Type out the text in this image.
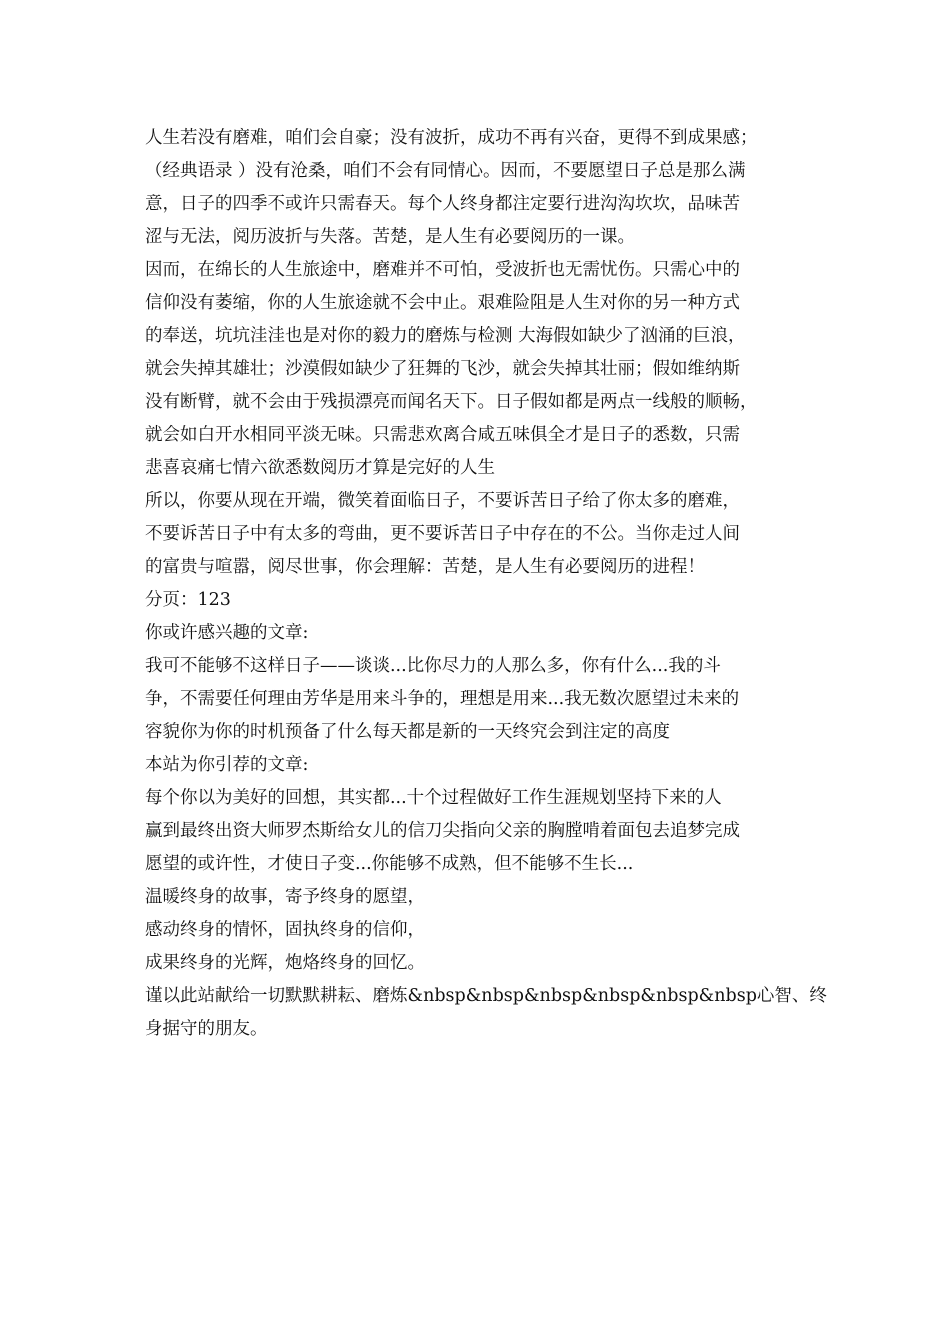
人生若没有磨难，咱们会自豪；没有波折，成功不再有兴奋，更得不到成果感；
（经典语录 ）没有沧桑，咱们不会有同情心。因而，不要愿望日子总是那么满
意，日子的四季不或许只需春天。每个人终身都注定要行进沟沟坎坎，品味苦
涩与无法，阅历波折与失落。苦楚，是人生有必要阅历的一课。
因而，在绵长的人生旅途中，磨难并不可怕，受波折也无需忧伤。只需心中的
信仰没有萎缩，你的人生旅途就不会中止。艰难险阻是人生对你的另一种方式
的奉送，坑坑洼洼也是对你的毅力的磨炼与检测 大海假如缺少了汹涌的巨浪，
就会失掉其雄壮；沙漠假如缺少了狂舞的飞沙，就会失掉其壮丽；假如维纳斯
没有断臂，就不会由于残损漂亮而闻名天下。日子假如都是两点一线般的顺畅，
就会如白开水相同平淡无味。只需悲欢离合咸五味俱全才是日子的悉数，只需
悲喜哀痛七情六欲悉数阅历才算是完好的人生
所以，你要从现在开端，微笑着面临日子，不要诉苦日子给了你太多的磨难，
不要诉苦日子中有太多的弯曲，更不要诉苦日子中存在的不公。当你走过人间
的富贵与喧嚣，阅尽世事，你会理解：苦楚，是人生有必要阅历的进程！
分页：123
你或许感兴趣的文章:
我可不能够不这样日子——谈谈...比你尽力的人那么多，你有什么...我的斗
争，不需要任何理由芳华是用来斗争的，理想是用来...我无数次愿望过未来的
容貌你为你的时机预备了什么每天都是新的一天终究会到注定的高度
本站为你引荐的文章:
每个你以为美好的回想，其实都...十个过程做好工作生涯规划坚持下来的人
赢到最终出资大师罗杰斯给女儿的信刀尖指向父亲的胸膛啃着面包去追梦完成
愿望的或许性，才使日子变...你能够不成熟，但不能够不生长...
温暖终身的故事，寄予终身的愿望，
感动终身的情怀，固执终身的信仰，
成果终身的光辉，炮烙终身的回忆。
谨以此站献给一切默默耕耘、磨炼&nbsp&nbsp&nbsp&nbsp&nbsp&nbsp心智、终
身据守的朋友。
